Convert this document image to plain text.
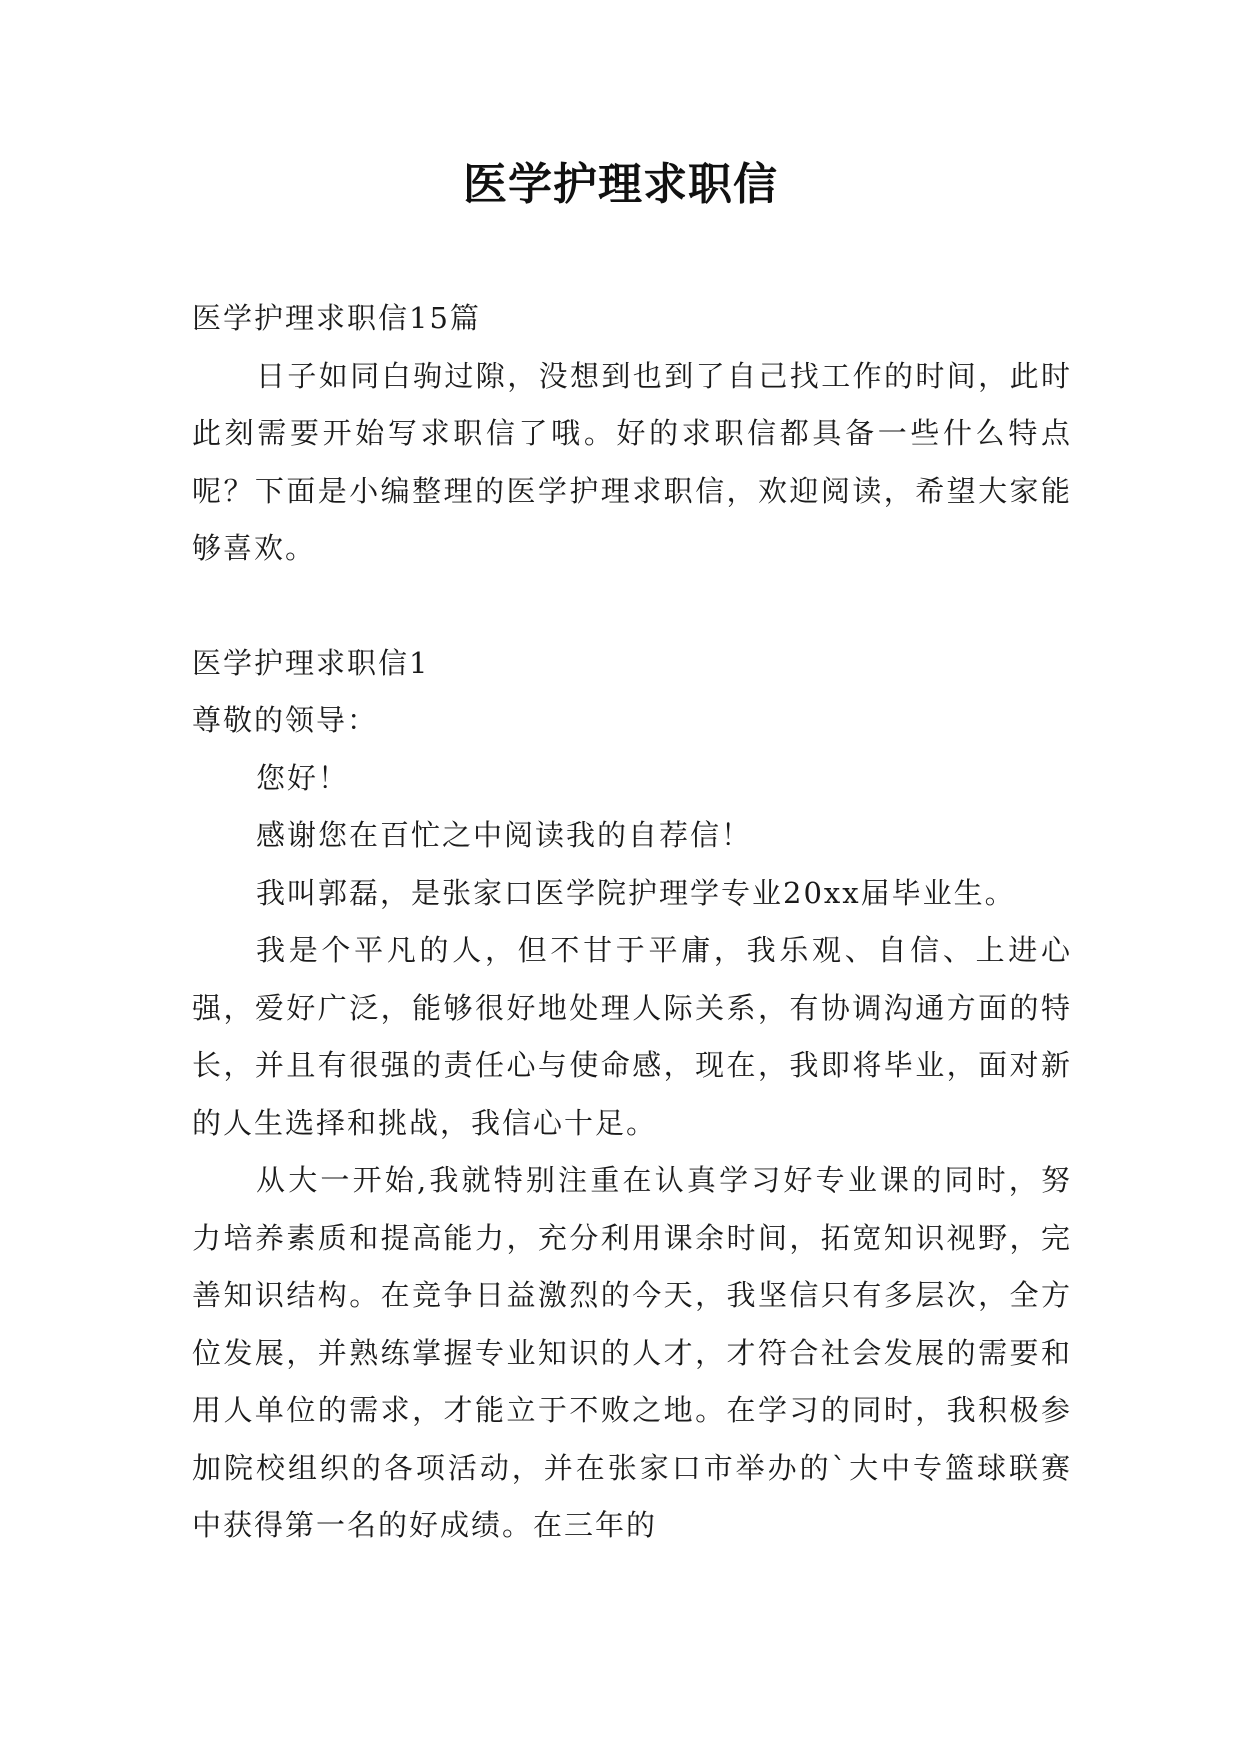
医学护理求职信

医学护理求职信15篇

日子如同白驹过隙，没想到也到了自己找工作的时间，此时此刻需要开始写求职信了哦。好的求职信都具备一些什么特点呢？下面是小编整理的医学护理求职信，欢迎阅读，希望大家能够喜欢。

医学护理求职信1

尊敬的领导：

您好！

感谢您在百忙之中阅读我的自荐信！

我叫郭磊，是张家口医学院护理学专业20xx届毕业生。

我是个平凡的人，但不甘于平庸，我乐观、自信、上进心强，爱好广泛，能够很好地处理人际关系，有协调沟通方面的特长，并且有很强的责任心与使命感，现在，我即将毕业，面对新的人生选择和挑战，我信心十足。

从大一开始,我就特别注重在认真学习好专业课的同时，努力培养素质和提高能力，充分利用课余时间，拓宽知识视野，完善知识结构。在竞争日益激烈的今天，我坚信只有多层次，全方位发展，并熟练掌握专业知识的人才，才符合社会发展的需要和用人单位的需求，才能立于不败之地。在学习的同时，我积极参加院校组织的各项活动，并在张家口市举办的`大中专篮球联赛中获得第一名的好成绩。在三年的
